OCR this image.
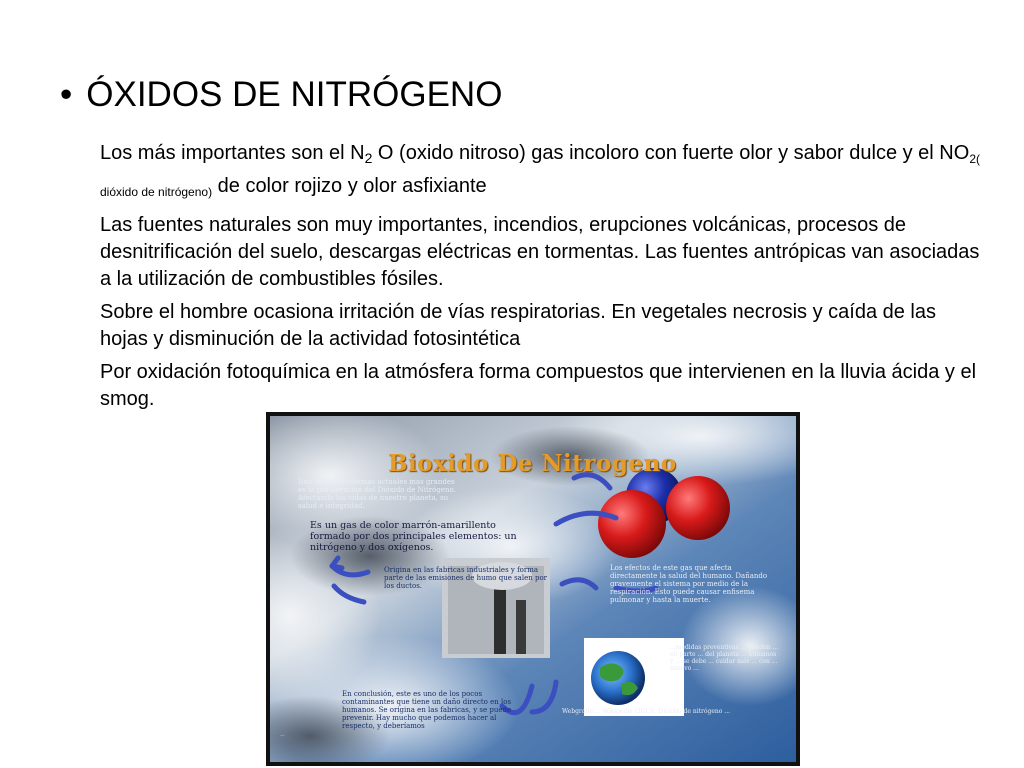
• ÓXIDOS DE NITRÓGENO

Los más importantes son el $N_2$ O (oxido nitroso) gas incoloro con fuerte olor y sabor dulce y el $NO_{2( dióxido de nitrógeno)}$ de color rojizo y olor asfixiante

Las fuentes naturales son muy importantes, incendios, erupciones volcánicas, procesos de desnitrificación del suelo, descargas eléctricas en tormentas. Las fuentes antrópicas van asociadas a la utilización de combustibles fósiles.

Sobre el hombre ocasiona irritación de vías respiratorias. En vegetales necrosis y caída de las hojas y disminución de la actividad fotosintética

Por oxidación fotoquímica en la atmósfera forma compuestos que intervienen en la lluvia ácida y el smog.

Bioxido De Nitrogeno
Uno de los problemas actuales mas grandes es la proliferación del Dióxido de Nitrógeno. Afectando las vidas de nuestro planeta, su salud e integridad.
Es un gas de color marrón-amarillento formado por dos principales elementos: un nitrógeno y dos oxígenos.
Origina en las fabricas industriales y forma parte de las emisiones de humo que salen por los ductos.
Los efectos de este gas que afecta directamente la salud del humano. Dañando gravemente el sistema por medio de la respiración. Esto puede causar enfisema pulmonar y hasta la muerte.
...medidas preventivas ... pueden ... en parte ... del planeta ... humanos y ... se debe ... cuidar más ... con ... masivo ...
En conclusión, este es uno de los pocos contaminantes que tiene un daño directo en los humanos. Se origina en las fabricas, y se puede prevenir. Hay mucho que podemos hacer al respecto, y deberíamos
Webgrafía ... Wikipedia (2013). Dióxido de nitrógeno ...
...
